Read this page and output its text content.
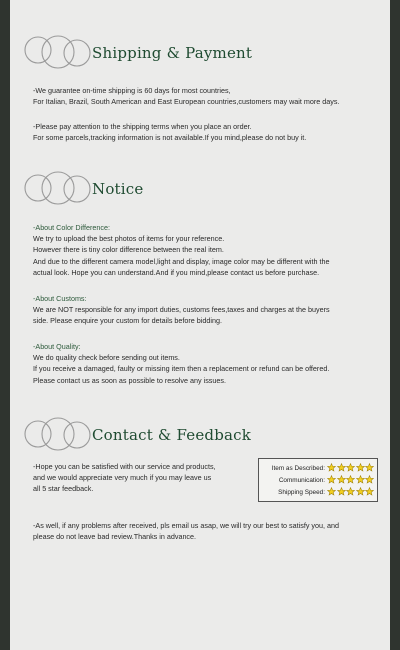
Shipping & Payment

-We guarantee on-time shipping is 60 days for most countries,

For Italian, Brazil, South American and East European countries,customers may wait more days.

-Please pay attention to the shipping terms when you place an order.

For some parcels,tracking information is not available.If you mind,please do not buy it.

Notice

-About Color Difference:

We try to upload the best photos of items for your reference.

However there is tiny color difference between the real item.

And due to the different camera model,light and display, image color may be different with the

actual look. Hope you can understand.And if you mind,please contact us before purchase.

-About Customs:

We are NOT responsible for any import duties, customs fees,taxes and charges at the buyers

side. Please enquire your custom for details before bidding.

-About Quality:

We do quality check before sending out items.

If you receive a damaged, faulty or missing item then a replacement or refund can be offered.

Please contact us as soon as possible to resolve any issues.

Contact & Feedback

-Hope you can be satisfied with our service and products,

and we would appreciate very much if you may leave us

all 5 star feedback.

Item as Described:
Communication:
Shipping Speed:

-As well, if any problems after received, pls email us asap, we will try our best to satisfy you, and

please do not leave bad review.Thanks in advance.
